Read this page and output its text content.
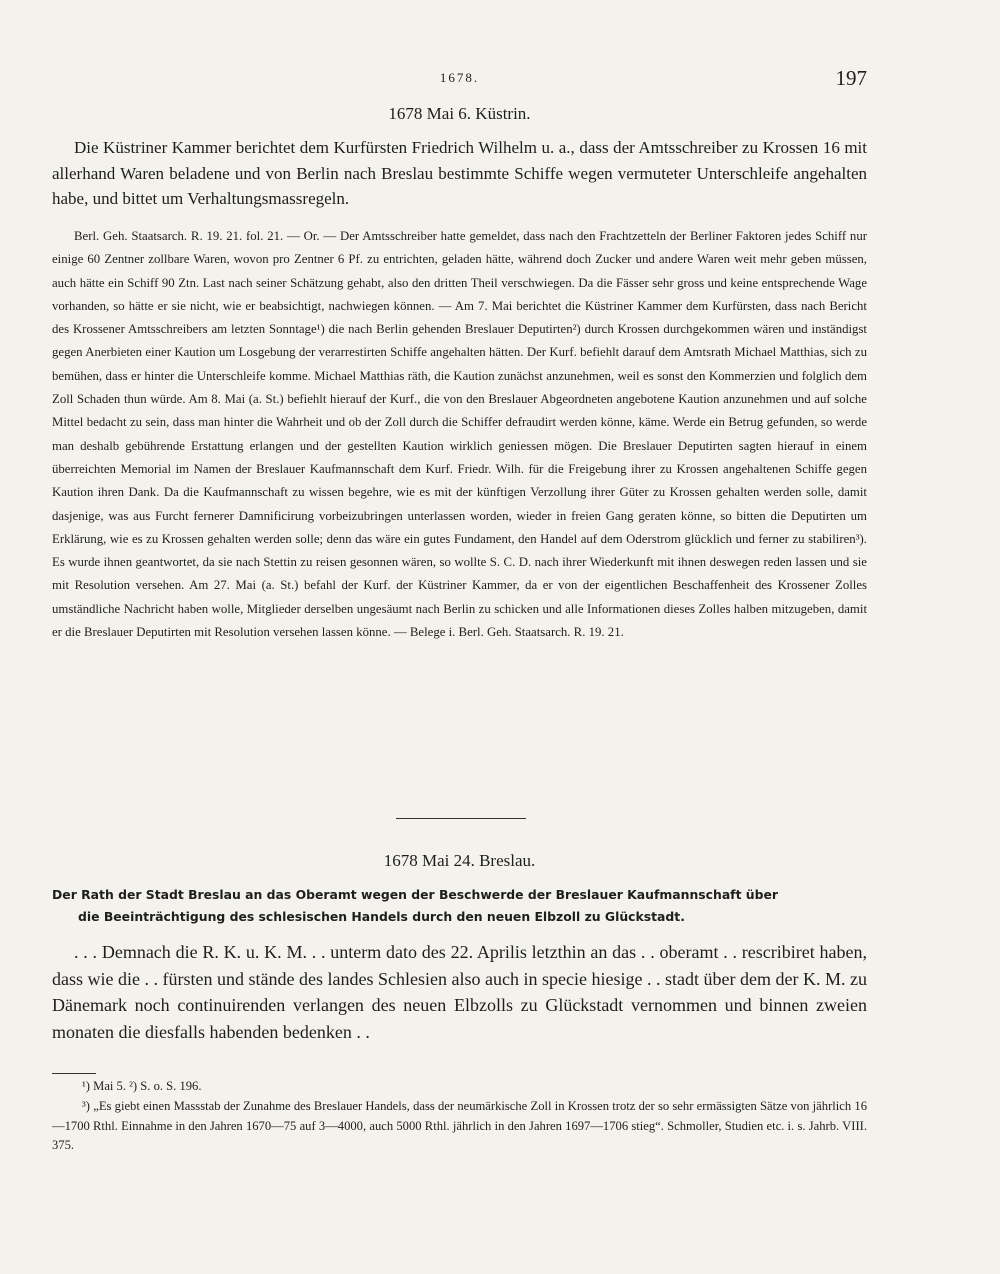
1678.	197
1678 Mai 6. Küstrin.
Die Küstriner Kammer berichtet dem Kurfürsten Friedrich Wilhelm u. a., dass der Amtsschreiber zu Krossen 16 mit allerhand Waren beladene und von Berlin nach Breslau bestimmte Schiffe wegen vermuteter Unterschleife angehalten habe, und bittet um Verhaltungsmassregeln.
Berl. Geh. Staatsarch. R. 19. 21. fol. 21. — Or. — Der Amtsschreiber hatte gemeldet, dass nach den Frachtzetteln der Berliner Faktoren jedes Schiff nur einige 60 Zentner zollbare Waren, wovon pro Zentner 6 Pf. zu entrichten, geladen hätte, während doch Zucker und andere Waren weit mehr geben müssen, auch hätte ein Schiff 90 Ztn. Last nach seiner Schätzung gehabt, also den dritten Theil verschwiegen. Da die Fässer sehr gross und keine entsprechende Wage vorhanden, so hätte er sie nicht, wie er beabsichtigt, nachwiegen können. — Am 7. Mai berichtet die Küstriner Kammer dem Kurfürsten, dass nach Bericht des Krossener Amtsschreibers am letzten Sonntage¹) die nach Berlin gehenden Breslauer Deputirten²) durch Krossen durchgekommen wären und inständigst gegen Anerbieten einer Kaution um Losgebung der verarrestirten Schiffe angehalten hätten. Der Kurf. befiehlt darauf dem Amtsrath Michael Matthias, sich zu bemühen, dass er hinter die Unterschleife komme. Michael Matthias räth, die Kaution zunächst anzunehmen, weil es sonst den Kommerzien und folglich dem Zoll Schaden thun würde. Am 8. Mai (a. St.) befiehlt hierauf der Kurf., die von den Breslauer Abgeordneten angebotene Kaution anzunehmen und auf solche Mittel bedacht zu sein, dass man hinter die Wahrheit und ob der Zoll durch die Schiffer defraudirt werden könne, käme. Werde ein Betrug gefunden, so werde man deshalb gebührende Erstattung erlangen und der gestellten Kaution wirklich geniessen mögen. Die Breslauer Deputirten sagten hierauf in einem überreichten Memorial im Namen der Breslauer Kaufmannschaft dem Kurf. Friedr. Wilh. für die Freigebung ihrer zu Krossen angehaltenen Schiffe gegen Kaution ihren Dank. Da die Kaufmannschaft zu wissen begehre, wie es mit der künftigen Verzollung ihrer Güter zu Krossen gehalten werden solle, damit dasjenige, was aus Furcht fernerer Damnificirung vorbeizubringen unterlassen worden, wieder in freien Gang geraten könne, so bitten die Deputirten um Erklärung, wie es zu Krossen gehalten werden solle; denn das wäre ein gutes Fundament, den Handel auf dem Oderstrom glücklich und ferner zu stabiliren³). Es wurde ihnen geantwortet, da sie nach Stettin zu reisen gesonnen wären, so wollte S. C. D. nach ihrer Wiederkunft mit ihnen deswegen reden lassen und sie mit Resolution versehen. Am 27. Mai (a. St.) befahl der Kurf. der Küstriner Kammer, da er von der eigentlichen Beschaffenheit des Krossener Zolles umständliche Nachricht haben wolle, Mitglieder derselben ungesäumt nach Berlin zu schicken und alle Informationen dieses Zolles halben mitzugeben, damit er die Breslauer Deputirten mit Resolution versehen lassen könne. — Belege i. Berl. Geh. Staatsarch. R. 19. 21.
1678 Mai 24. Breslau.
Der Rath der Stadt Breslau an das Oberamt wegen der Beschwerde der Breslauer Kaufmannschaft über
die Beeinträchtigung des schlesischen Handels durch den neuen Elbzoll zu Glückstadt.
. . . Demnach die R. K. u. K. M. . . unterm dato des 22. Aprilis letzthin an das . . oberamt . . rescribiret haben, dass wie die . . fürsten und stände des landes Schlesien also auch in specie hiesige . . stadt über dem der K. M. zu Dänemark noch continuirenden verlangen des neuen Elbzolls zu Glückstadt vernommen und binnen zweien monaten die diesfalls habenden bedenken . .
¹) Mai 5. ²) S. o. S. 196.
³) „Es giebt einen Massstab der Zunahme des Breslauer Handels, dass der neumärkische Zoll in Krossen trotz der so sehr ermässigten Sätze von jährlich 16—1700 Rthl. Einnahme in den Jahren 1670—75 auf 3—4000, auch 5000 Rthl. jährlich in den Jahren 1697—1706 stieg“. Schmoller, Studien etc. i. s. Jahrb. VIII. 375.
